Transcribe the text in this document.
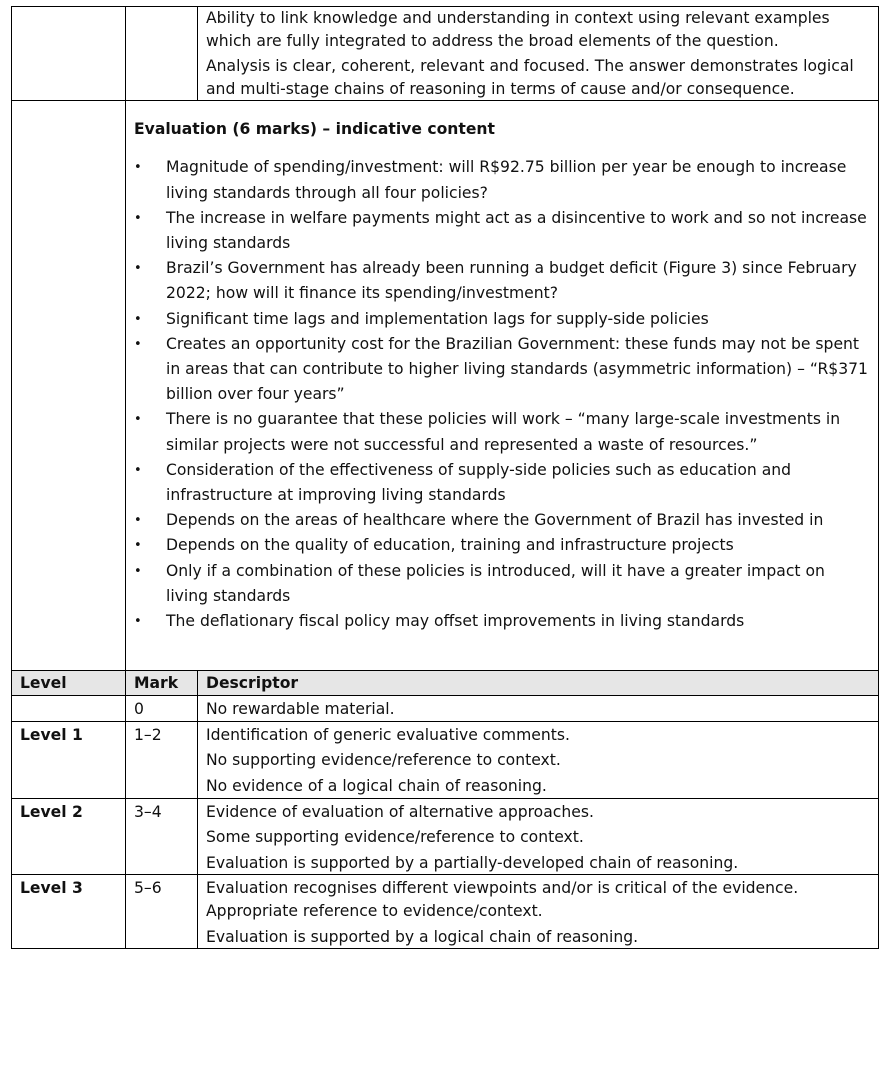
		Ability to link knowledge and understanding in context using relevant examples which are fully integrated to address the broad elements of the question.

Analysis is clear, coherent, relevant and focused. The answer demonstrates logical and multi-stage chains of reasoning in terms of cause and/or consequence.

Evaluation (6 marks) – indicative content

•	Magnitude of spending/investment: will R$92.75 billion per year be enough to increase living standards through all four policies?
•	The increase in welfare payments might act as a disincentive to work and so not increase living standards
•	Brazil’s Government has already been running a budget deficit (Figure 3) since February 2022; how will it finance its spending/investment?
•	Significant time lags and implementation lags for supply-side policies
•	Creates an opportunity cost for the Brazilian Government: these funds may not be spent in areas that can contribute to higher living standards (asymmetric information) – “R$371 billion over four years”
•	There is no guarantee that these policies will work – “many large-scale investments in similar projects were not successful and represented a waste of resources.”
•	Consideration of the effectiveness of supply-side policies such as education and infrastructure at improving living standards
•	Depends on the areas of healthcare where the Government of Brazil has invested in
•	Depends on the quality of education, training and infrastructure projects
•	Only if a combination of these policies is introduced, will it have a greater impact on living standards
•	The deflationary fiscal policy may offset improvements in living standards

Level	Mark	Descriptor
	0	No rewardable material.

Level 1	1–2	Identification of generic evaluative comments.

No supporting evidence/reference to context.

No evidence of a logical chain of reasoning.

Level 2	3–4	Evidence of evaluation of alternative approaches.

Some supporting evidence/reference to context.

Evaluation is supported by a partially-developed chain of reasoning.

Level 3	5–6	Evaluation recognises different viewpoints and/or is critical of the evidence. Appropriate reference to evidence/context.

Evaluation is supported by a logical chain of reasoning.
